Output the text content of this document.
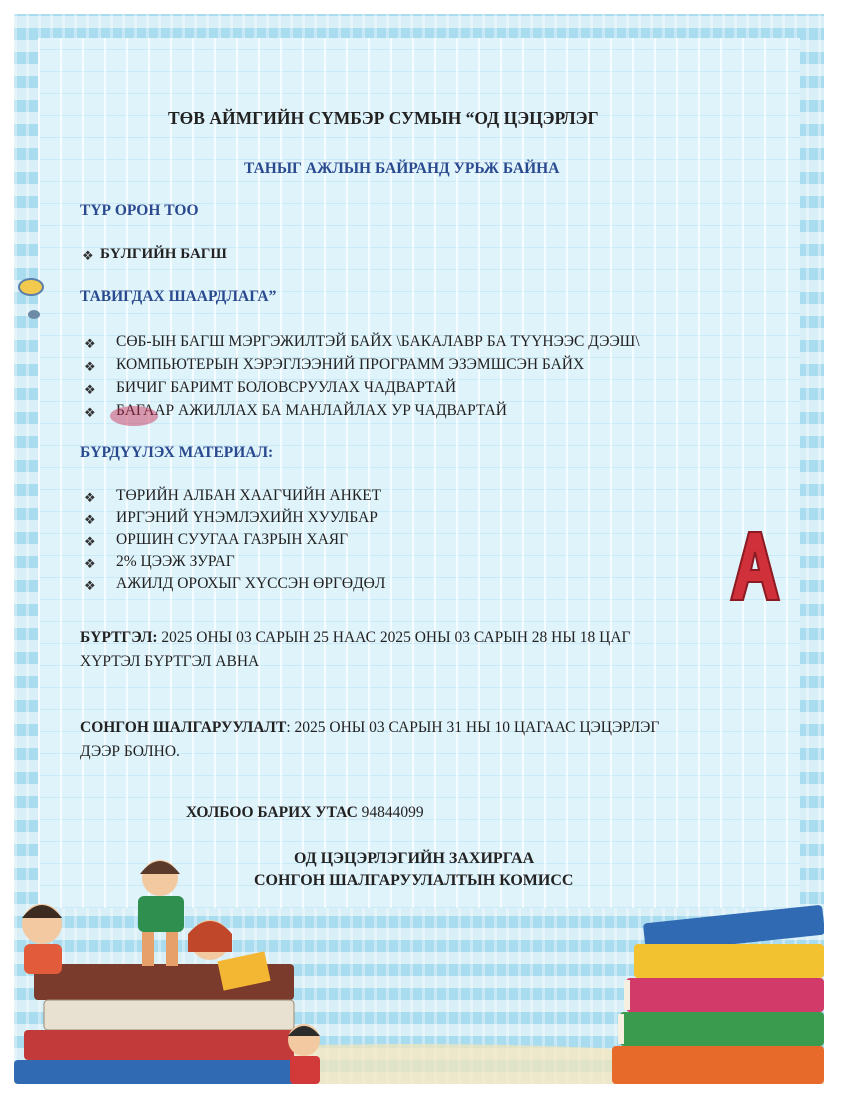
ТӨВ АЙМГИЙН СҮМБЭР СУМЫН “ОД ЦЭЦЭРЛЭГ
ТАНЫГ АЖЛЫН БАЙРАНД УРЬЖ БАЙНА
ТҮР ОРОН ТОО
❖ БҮЛГИЙН БАГШ
ТАВИГДАХ ШААРДЛАГА”
❖ СӨБ-ЫН БАГШ МЭРГЭЖИЛТЭЙ БАЙХ \БАКАЛАВР БА ТҮҮНЭЭС ДЭЭШ\
❖ КОМПЬЮТЕРЫН ХЭРЭГЛЭЭНИЙ ПРОГРАММ ЭЗЭМШСЭН БАЙХ
❖ БИЧИГ БАРИМТ БОЛОВСРУУЛАХ ЧАДВАРТАЙ
❖ БАГААР АЖИЛЛАХ БА МАНЛАЙЛАХ УР ЧАДВАРТАЙ
БҮРДҮҮЛЭХ МАТЕРИАЛ:
❖ ТӨРИЙН АЛБАН ХААГЧИЙН АНКЕТ
❖ ИРГЭНИЙ ҮНЭМЛЭХИЙН ХУУЛБАР
❖ ОРШИН СУУГАА ГАЗРЫН ХАЯГ
❖ 2% ЦЭЭЖ ЗУРАГ
❖ АЖИЛД ОРОХЫГ ХҮССЭН ӨРГӨДӨЛ
БҮРТГЭЛ: 2025 ОНЫ 03 САРЫН 25 НААС 2025 ОНЫ 03 САРЫН 28 НЫ 18 ЦАГ
ХҮРТЭЛ БҮРТГЭЛ АВНА
СОНГОН ШАЛГАРУУЛАЛТ: 2025 ОНЫ 03 САРЫН 31 НЫ 10 ЦАГААС ЦЭЦЭРЛЭГ
ДЭЭР БОЛНО.
ХОЛБОО БАРИХ УТАС 94844099
ОД ЦЭЦЭРЛЭГИЙН ЗАХИРГАА
СОНГОН ШАЛГАРУУЛАЛТЫН КОМИСС
